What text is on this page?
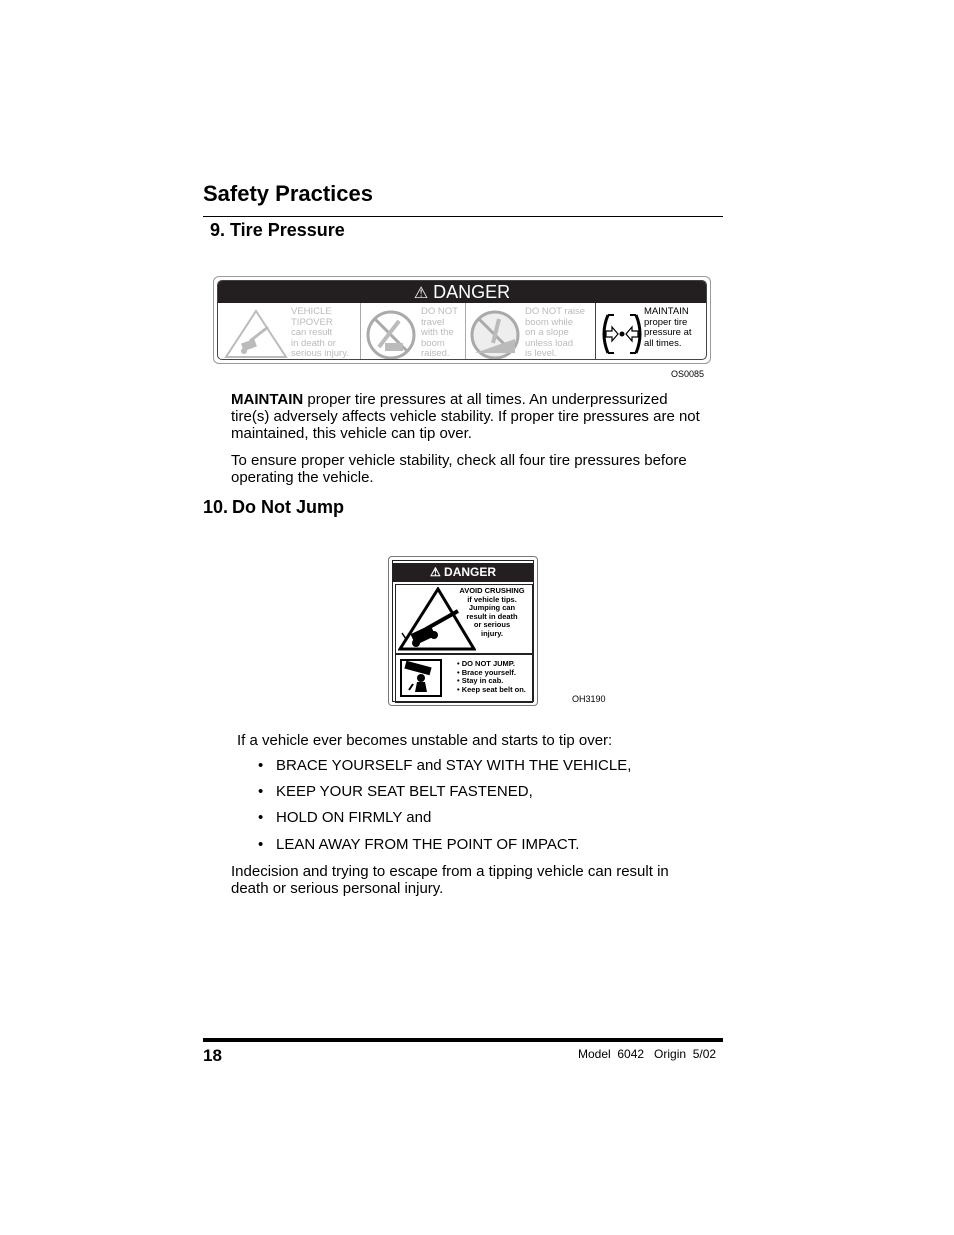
Safety Practices
9. Tire Pressure
⚠ DANGER
VEHICLE
TIPOVER
can result
in death or
serious injury.
DO NOT
travel
with the
boom
raised.
DO NOT raise
boom while
on a slope
unless load
is level.
MAINTAIN
proper tire
pressure at
all times.
OS0085
MAINTAIN proper tire pressures at all times. An underpressurized
tire(s) adversely affects vehicle stability. If proper tire pressures are not
maintained, this vehicle can tip over.
To ensure proper vehicle stability, check all four tire pressures before
operating the vehicle.
10. Do Not Jump
⚠ DANGER
AVOID CRUSHING
if vehicle tips.
Jumping can
result in death
or serious
injury.
• DO NOT JUMP.
• Brace yourself.
• Stay in cab.
• Keep seat belt on.
OH3190
If a vehicle ever becomes unstable and starts to tip over:
• BRACE YOURSELF and STAY WITH THE VEHICLE,
• KEEP YOUR SEAT BELT FASTENED,
• HOLD ON FIRMLY and
• LEAN AWAY FROM THE POINT OF IMPACT.
Indecision and trying to escape from a tipping vehicle can result in
death or serious personal injury.
18	Model  6042   Origin  5/02
